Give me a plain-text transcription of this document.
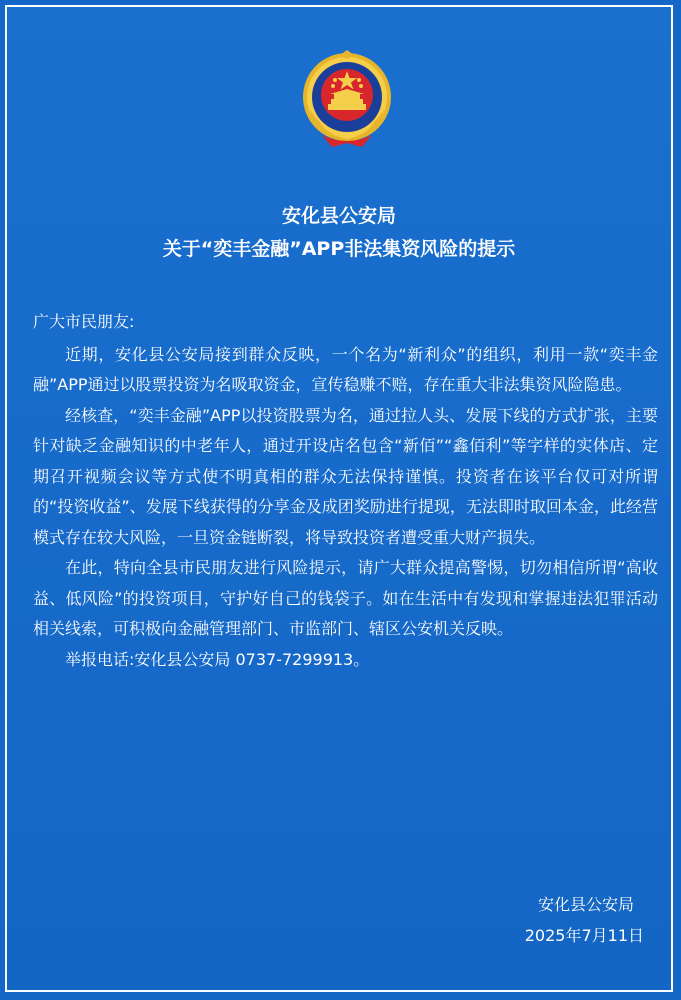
安化县公安局
关于“奕丰金融”APP非法集资风险的提示

广大市民朋友:

近期，安化县公安局接到群众反映，一个名为“新利众”的组织，利用一款“奕丰金融”APP通过以股票投资为名吸取资金，宣传稳赚不赔，存在重大非法集资风险隐患。

经核查，“奕丰金融”APP以投资股票为名，通过拉人头、发展下线的方式扩张，主要针对缺乏金融知识的中老年人，通过开设店名包含“新佰”“鑫佰利”等字样的实体店、定期召开视频会议等方式使不明真相的群众无法保持谨慎。投资者在该平台仅可对所谓的“投资收益”、发展下线获得的分享金及成团奖励进行提现，无法即时取回本金，此经营模式存在较大风险，一旦资金链断裂，将导致投资者遭受重大财产损失。

在此，特向全县市民朋友进行风险提示，请广大群众提高警惕，切勿相信所谓“高收益、低风险”的投资项目，守护好自己的钱袋子。如在生活中有发现和掌握违法犯罪活动相关线索，可积极向金融管理部门、市监部门、辖区公安机关反映。

举报电话:安化县公安局 0737-7299913。

安化县公安局
2025年7月11日
